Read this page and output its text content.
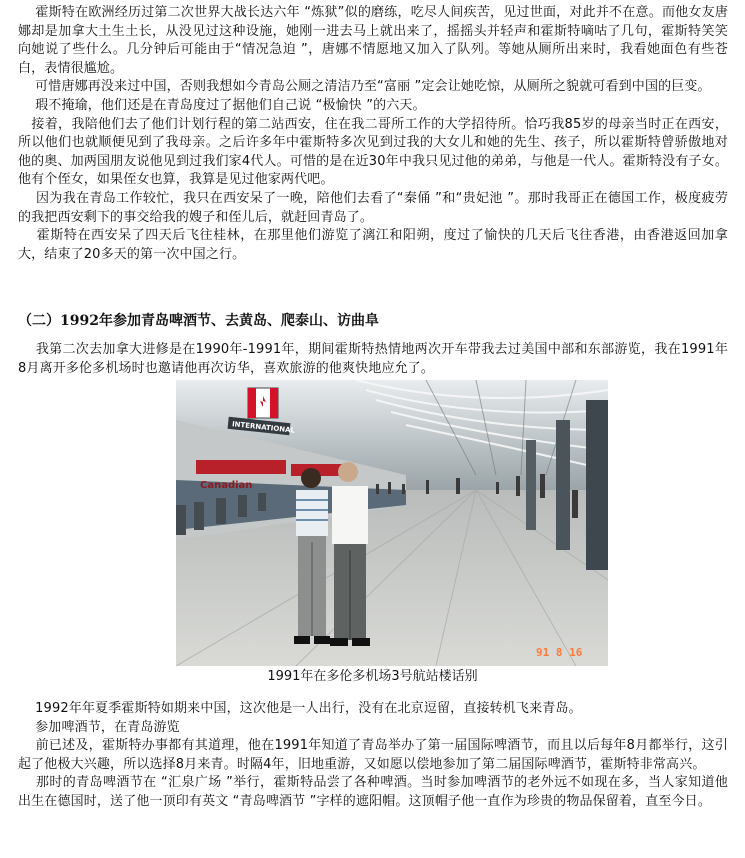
霍斯特在欧洲经历过第二次世界大战长达六年 “炼狱”似的磨练，吃尽人间疾苦，见过世面，对此并不在意。而他女友唐娜却是加拿大土生土长，从没见过这种设施，她刚一进去马上就出来了，摇摇头并轻声和霍斯特嘀咕了几句，霍斯特笑笑向她说了些什么。几分钟后可能由于“情况急迫 ”，唐娜不情愿地又加入了队列。等她从厕所出来时，我看她面色有些苍白，表情很尴尬。

可惜唐娜再没来过中国，否则我想如今青岛公厕之清洁乃至“富丽 ”定会让她吃惊，从厕所之貌就可看到中国的巨变。

瑕不掩瑜，他们还是在青岛度过了据他们自己说 “极愉快 ”的六天。

接着，我陪他们去了他们计划行程的第二站西安，住在我二哥所工作的大学招待所。恰巧我85岁的母亲当时正在西安，所以他们也就顺便见到了我母亲。之后许多年中霍斯特多次见到过我的大女儿和她的先生、孩子，所以霍斯特曾骄傲地对他的奥、加两国朋友说他见到过我们家4代人。可惜的是在近30年中我只见过他的弟弟，与他是一代人。霍斯特没有子女。他有个侄女，如果侄女也算，我算是见过他家两代吧。

因为我在青岛工作较忙，我只在西安呆了一晚，陪他们去看了“秦俑 ”和“贵妃池 ”。那时我哥正在德国工作，极度疲劳的我把西安剩下的事交给我的嫂子和侄儿后，就赶回青岛了。

霍斯特在西安呆了四天后飞往桂林，在那里他们游览了漓江和阳朔，度过了愉快的几天后飞往香港，由香港返回加拿大，结束了20多天的第一次中国之行。

（二）1992年参加青岛啤酒节、去黄岛、爬泰山、访曲阜

我第二次去加拿大进修是在1990年-1991年，期间霍斯特热情地两次开车带我去过美国中部和东部游览，我在1991年8月离开多伦多机场时也邀请他再次访华，喜欢旅游的他爽快地应允了。

INTERNATIONAL
Canadian
91 8 16
1991年在多伦多机场3号航站楼话别

1992年年夏季霍斯特如期来中国，这次他是一人出行，没有在北京逗留，直接转机飞来青岛。

参加啤酒节，在青岛游览

前已述及，霍斯特办事都有其道理，他在1991年知道了青岛举办了第一届国际啤酒节，而且以后每年8月都举行，这引起了他极大兴趣，所以选择8月来青。时隔4年，旧地重游，又如愿以偿地参加了第二届国际啤酒节，霍斯特非常高兴。

那时的青岛啤酒节在 “汇泉广场 ”举行，霍斯特品尝了各种啤酒。当时参加啤酒节的老外远不如现在多，当人家知道他出生在德国时，送了他一顶印有英文 “青岛啤酒节 ”字样的遮阳帽。这顶帽子他一直作为珍贵的物品保留着，直至今日。
